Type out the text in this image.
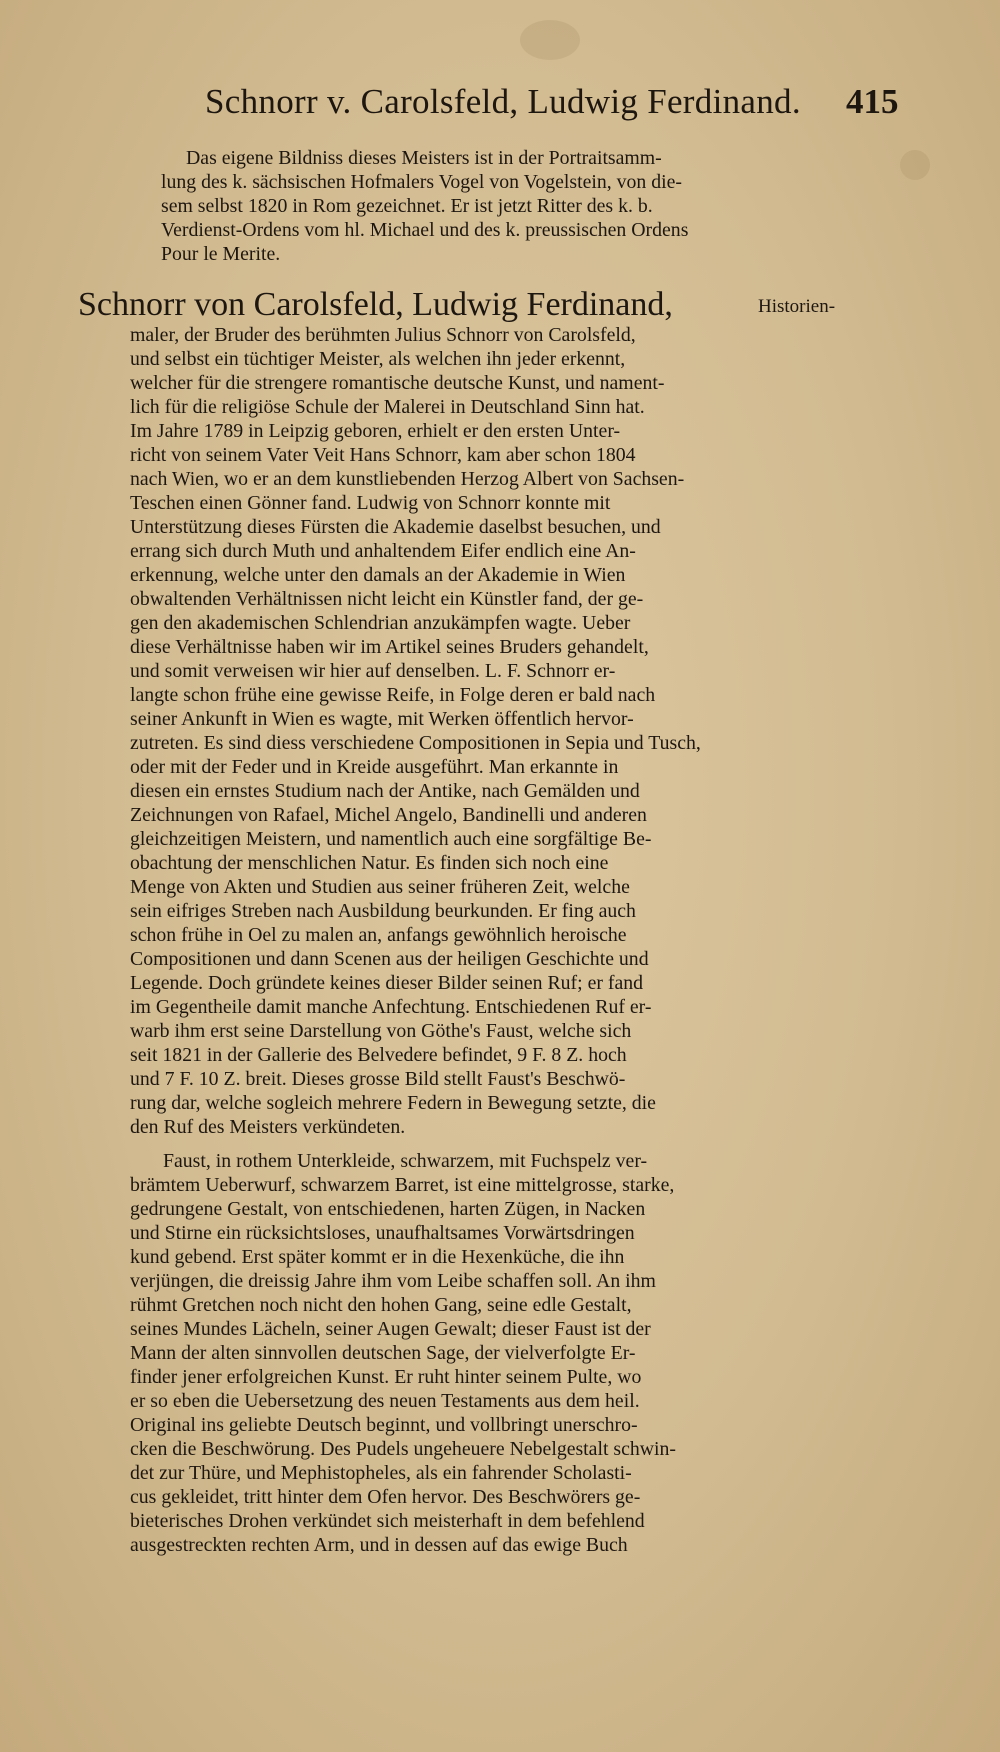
Schnorr v. Carolsfeld, Ludwig Ferdinand. 415
Das eigene Bildniss dieses Meisters ist in der Portraitsamm-
lung des k. sächsischen Hofmalers Vogel von Vogelstein, von die-
sem selbst 1820 in Rom gezeichnet. Er ist jetzt Ritter des k. b.
Verdienst-Ordens vom hl. Michael und des k. preussischen Ordens
Pour le Merite.
Schnorr von Carolsfeld, Ludwig Ferdinand,	Historien-
maler, der Bruder des berühmten Julius Schnorr von Carolsfeld,
und selbst ein tüchtiger Meister, als welchen ihn jeder erkennt,
welcher für die strengere romantische deutsche Kunst, und nament-
lich für die religiöse Schule der Malerei in Deutschland Sinn hat.
Im Jahre 1789 in Leipzig geboren, erhielt er den ersten Unter-
richt von seinem Vater Veit Hans Schnorr, kam aber schon 1804
nach Wien, wo er an dem kunstliebenden Herzog Albert von Sachsen-
Teschen einen Gönner fand. Ludwig von Schnorr konnte mit
Unterstützung dieses Fürsten die Akademie daselbst besuchen, und
errang sich durch Muth und anhaltendem Eifer endlich eine An-
erkennung, welche unter den damals an der Akademie in Wien
obwaltenden Verhältnissen nicht leicht ein Künstler fand, der ge-
gen den akademischen Schlendrian anzukämpfen wagte. Ueber
diese Verhältnisse haben wir im Artikel seines Bruders gehandelt,
und somit verweisen wir hier auf denselben. L. F. Schnorr er-
langte schon frühe eine gewisse Reife, in Folge deren er bald nach
seiner Ankunft in Wien es wagte, mit Werken öffentlich hervor-
zutreten. Es sind diess verschiedene Compositionen in Sepia und Tusch,
oder mit der Feder und in Kreide ausgeführt. Man erkannte in
diesen ein ernstes Studium nach der Antike, nach Gemälden und
Zeichnungen von Rafael, Michel Angelo, Bandinelli und anderen
gleichzeitigen Meistern, und namentlich auch eine sorgfältige Be-
obachtung der menschlichen Natur. Es finden sich noch eine
Menge von Akten und Studien aus seiner früheren Zeit, welche
sein eifriges Streben nach Ausbildung beurkunden. Er fing auch
schon frühe in Oel zu malen an, anfangs gewöhnlich heroische
Compositionen und dann Scenen aus der heiligen Geschichte und
Legende. Doch gründete keines dieser Bilder seinen Ruf; er fand
im Gegentheile damit manche Anfechtung. Entschiedenen Ruf er-
warb ihm erst seine Darstellung von Göthe's Faust, welche sich
seit 1821 in der Gallerie des Belvedere befindet, 9 F. 8 Z. hoch
und 7 F. 10 Z. breit. Dieses grosse Bild stellt Faust's Beschwö-
rung dar, welche sogleich mehrere Federn in Bewegung setzte, die
den Ruf des Meisters verkündeten.
Faust, in rothem Unterkleide, schwarzem, mit Fuchspelz ver-
brämtem Ueberwurf, schwarzem Barret, ist eine mittelgrosse, starke,
gedrungene Gestalt, von entschiedenen, harten Zügen, in Nacken
und Stirne ein rücksichtsloses, unaufhaltsames Vorwärtsdringen
kund gebend. Erst später kommt er in die Hexenküche, die ihn
verjüngen, die dreissig Jahre ihm vom Leibe schaffen soll. An ihm
rühmt Gretchen noch nicht den hohen Gang, seine edle Gestalt,
seines Mundes Lächeln, seiner Augen Gewalt; dieser Faust ist der
Mann der alten sinnvollen deutschen Sage, der vielverfolgte Er-
finder jener erfolgreichen Kunst. Er ruht hinter seinem Pulte, wo
er so eben die Uebersetzung des neuen Testaments aus dem heil.
Original ins geliebte Deutsch beginnt, und vollbringt unerschro-
cken die Beschwörung. Des Pudels ungeheuere Nebelgestalt schwin-
det zur Thüre, und Mephistopheles, als ein fahrender Scholasti-
cus gekleidet, tritt hinter dem Ofen hervor. Des Beschwörers ge-
bieterisches Drohen verkündet sich meisterhaft in dem befehlend
ausgestreckten rechten Arm, und in dessen auf das ewige Buch
